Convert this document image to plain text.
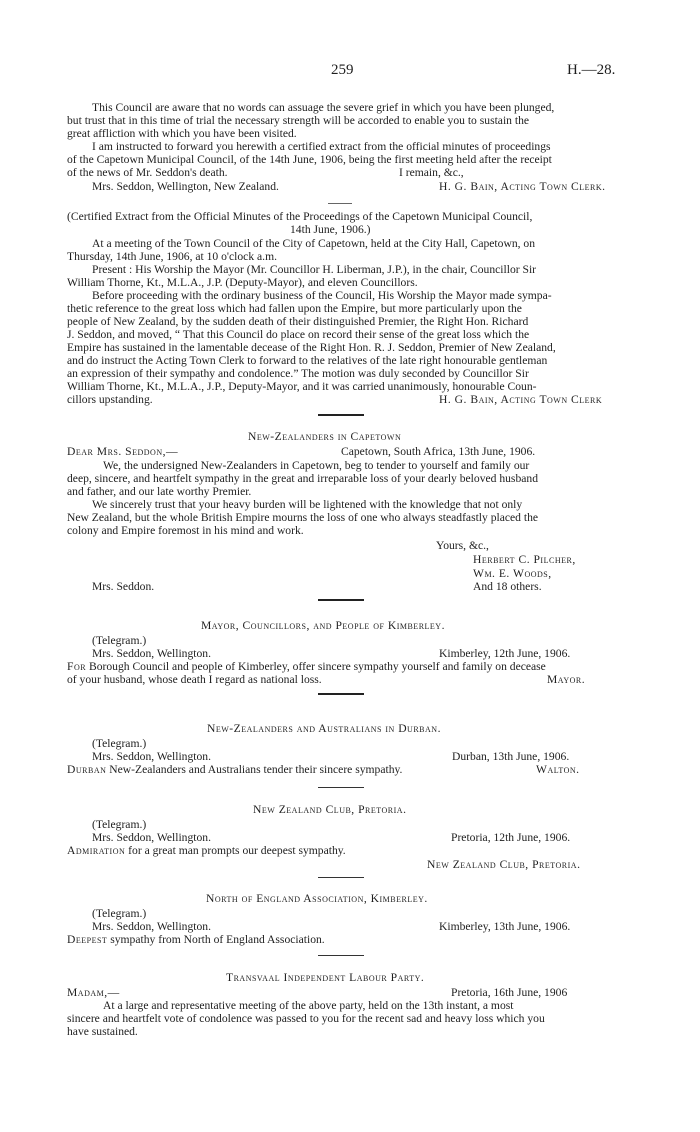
259	H.—28.
This Council are aware that no words can assuage the severe grief in which you have been plunged,
but trust that in this time of trial the necessary strength will be accorded to enable you to sustain the
great affliction with which you have been visited.
I am instructed to forward you herewith a certified extract from the official minutes of proceedings
of the Capetown Municipal Council, of the 14th June, 1906, being the first meeting held after the receipt
of the news of Mr. Seddon's death.	I remain, &c.,
Mrs. Seddon, Wellington, New Zealand.	H. G. Bain, Acting Town Clerk.
(Certified Extract from the Official Minutes of the Proceedings of the Capetown Municipal Council,
14th June, 1906.)
At a meeting of the Town Council of the City of Capetown, held at the City Hall, Capetown, on
Thursday, 14th June, 1906, at 10 o'clock a.m.
Present : His Worship the Mayor (Mr. Councillor H. Liberman, J.P.), in the chair, Councillor Sir
William Thorne, Kt., M.L.A., J.P. (Deputy-Mayor), and eleven Councillors.
Before proceeding with the ordinary business of the Council, His Worship the Mayor made sympa-
thetic reference to the great loss which had fallen upon the Empire, but more particularly upon the
people of New Zealand, by the sudden death of their distinguished Premier, the Right Hon. Richard
J. Seddon, and moved, “ That this Council do place on record their sense of the great loss which the
Empire has sustained in the lamentable decease of the Right Hon. R. J. Seddon, Premier of New Zealand,
and do instruct the Acting Town Clerk to forward to the relatives of the late right honourable gentleman
an expression of their sympathy and condolence.” The motion was duly seconded by Councillor Sir
William Thorne, Kt., M.L.A., J.P., Deputy-Mayor, and it was carried unanimously, honourable Coun-
cillors upstanding.	H. G. Bain, Acting Town Clerk
New-Zealanders in Capetown
Dear Mrs. Seddon,—	Capetown, South Africa, 13th June, 1906.
We, the undersigned New-Zealanders in Capetown, beg to tender to yourself and family our
deep, sincere, and heartfelt sympathy in the great and irreparable loss of your dearly beloved husband
and father, and our late worthy Premier.
We sincerely trust that your heavy burden will be lightened with the knowledge that not only
New Zealand, but the whole British Empire mourns the loss of one who always steadfastly placed the
colony and Empire foremost in his mind and work.
Yours, &c.,
Herbert C. Pilcher,
Wm. E. Woods,
Mrs. Seddon.	And 18 others.
Mayor, Councillors, and People of Kimberley.
(Telegram.)
Mrs. Seddon, Wellington.	Kimberley, 12th June, 1906.
For Borough Council and people of Kimberley, offer sincere sympathy yourself and family on decease
of your husband, whose death I regard as national loss.	Mayor.
New-Zealanders and Australians in Durban.
(Telegram.)
Mrs. Seddon, Wellington.	Durban, 13th June, 1906.
Durban New-Zealanders and Australians tender their sincere sympathy.	Walton.
New Zealand Club, Pretoria.
(Telegram.)
Mrs. Seddon, Wellington.	Pretoria, 12th June, 1906.
Admiration for a great man prompts our deepest sympathy.
New Zealand Club, Pretoria.
North of England Association, Kimberley.
(Telegram.)
Mrs. Seddon, Wellington.	Kimberley, 13th June, 1906.
Deepest sympathy from North of England Association.
Transvaal Independent Labour Party.
Madam,—	Pretoria, 16th June, 1906
At a large and representative meeting of the above party, held on the 13th instant, a most
sincere and heartfelt vote of condolence was passed to you for the recent sad and heavy loss which you
have sustained.
